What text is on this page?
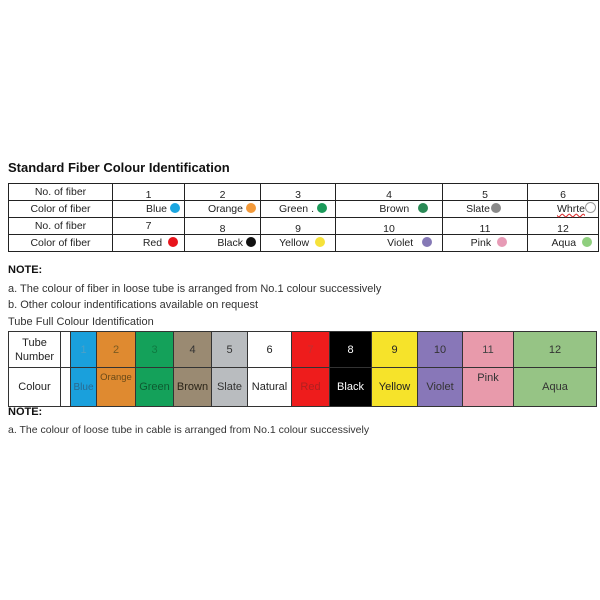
Standard Fiber Colour Identification
No. of fiber	1	2	3	4	5	6
Color of fiber	Blue	Orange	Green .	Brown	Slate	Whrte
No. of fiber	7	8	9	10	11	12
Color of fiber	Red	Black	Yellow	Violet	Pink	Aqua
NOTE:
a. The colour of fiber in loose tube is arranged from No.1 colour successively
b. Other colour indentifications available on request
Tube Full Colour Identification
Tube Number		1	2	3	4	5	6	7	8	9	10	11	12
Colour		Blue	Orange	Green	Brown	Slate	Natural	Red	Black	Yellow	Violet	Pink	Aqua
NOTE:
a. The colour of loose tube in cable is arranged from No.1 colour successively
